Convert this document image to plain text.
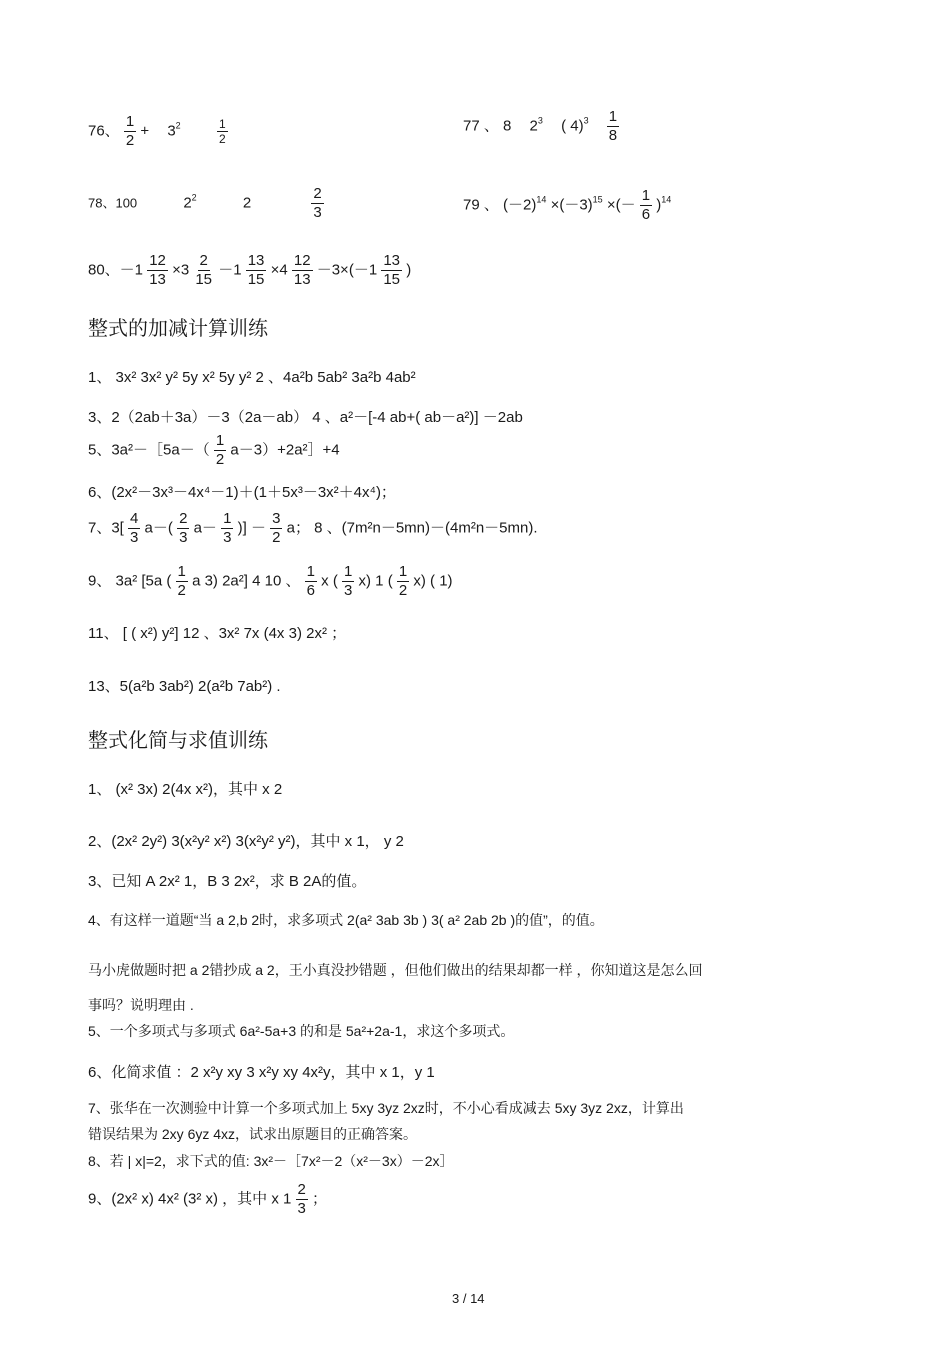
76、 $\frac{1}{2} + 3^2$	$\frac{1}{2}$	77 、 8 $2^3$ ( $4)^3 \frac{1}{8}$
78、100	$2^2$	2	$\frac{2}{3}$	79 、 $(-2)^{14} \times(-3)^{15}$ ×(－ $\frac{1}{6} )^{14}$
80、$-1 \frac{12}{13} \times 3 \frac{2}{15} -1 \frac{13}{15} \times 4 \frac{12}{13} -3\times(-1 \frac{13}{15}$ )
整式的加减计算训练
1、 3x² 3x² y² 5y x² 5y y² 2 、4a²b 5ab² 3a²b 4ab²
3、2（2ab＋3a）－3（2a－ab） 4 、a²－[-4 ab+( ab－a²)] －2ab
5、3a²－［5a－（ $\frac{1}{2}$ a－3）+2a²］+4
6、(2x²－3x³－4x⁴－1)＋(1＋5x³－3x²＋4x⁴)；
7、$3[ \frac{4}{3} a-( \frac{2}{3} a- \frac{1}{3}$ )] － $\frac{3}{2}$ a； 8 、(7m²n－5mn)－(4m²n－5mn).
9、 3a² [5a ( $\frac{1}{2}$ a 3) 2a²] 4 10 、 $\frac{1}{6}$ x ( $\frac{1}{3} x$) 1 ( $\frac{1}{2} x$) ( 1)
11、 [ ( x²) y²] 12 、3x² 7x (4x 3) 2x² ；
13、5(a²b 3ab²) 2(a²b 7ab²) .
整式化简与求值训练
1、 (x² 3x) 2(4x x²)，其中 x 2
2、(2x² 2y²) 3(x²y² x²) 3(x²y² y²)，其中 x 1， y 2
3、已知 A 2x² 1，B 3 2x²，求 B 2A的值。
4、有这样一道题“当 a 2,b 2时，求多项式 2(a² 3ab 3b ) 3( a² 2ab 2b )的值”，的值。
马小虎做题时把 a 2错抄成 a 2，王小真没抄错题 ，但他们做出的结果却都一样 ，你知道这是怎么回
事吗？说明理由 .
5、一个多项式与多项式 6a²-5a+3 的和是 5a²+2a-1，求这个多项式。
6、化简求值 ：2 x²y xy 3 x²y xy 4x²y，其中 x 1，y 1
7、张华在一次测验中计算一个多项式加上 5xy 3yz 2xz时，不小心看成减去 5xy 3yz 2xz，计算出
错误结果为 2xy 6yz 4xz，试求出原题目的正确答案。
8、若 | x|=2，求下式的值: 3x²－［7x²－2（x²－3x）－2x］
9、(2x² x) 4x² (3² x) ，其中 x $1 \frac{2}{3}$ ；
3 / 14
